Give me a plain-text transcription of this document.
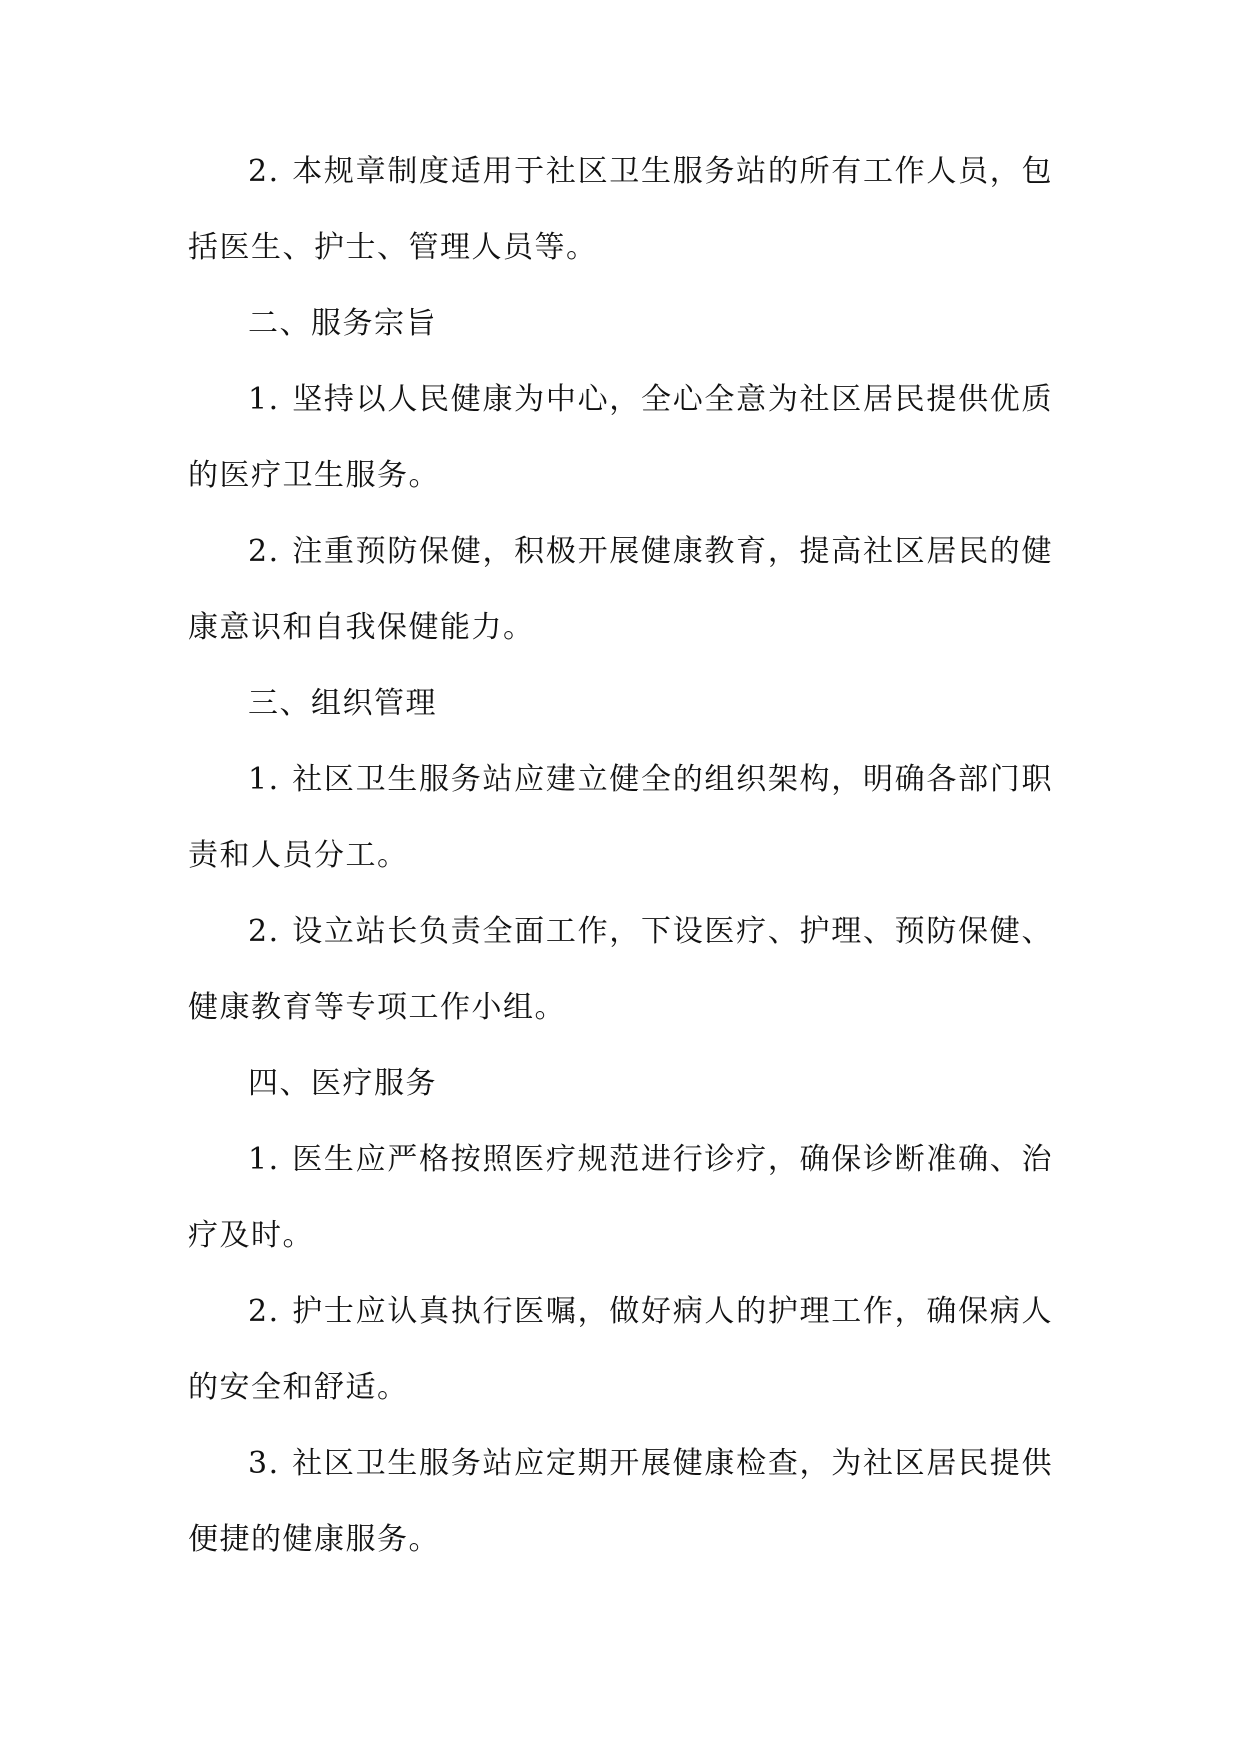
2. 本规章制度适用于社区卫生服务站的所有工作人员，包括医生、护士、管理人员等。

二、服务宗旨

1. 坚持以人民健康为中心，全心全意为社区居民提供优质的医疗卫生服务。

2. 注重预防保健，积极开展健康教育，提高社区居民的健康意识和自我保健能力。

三、组织管理

1. 社区卫生服务站应建立健全的组织架构，明确各部门职责和人员分工。

2. 设立站长负责全面工作，下设医疗、护理、预防保健、健康教育等专项工作小组。

四、医疗服务

1. 医生应严格按照医疗规范进行诊疗，确保诊断准确、治疗及时。

2. 护士应认真执行医嘱，做好病人的护理工作，确保病人的安全和舒适。

3. 社区卫生服务站应定期开展健康检查，为社区居民提供便捷的健康服务。
